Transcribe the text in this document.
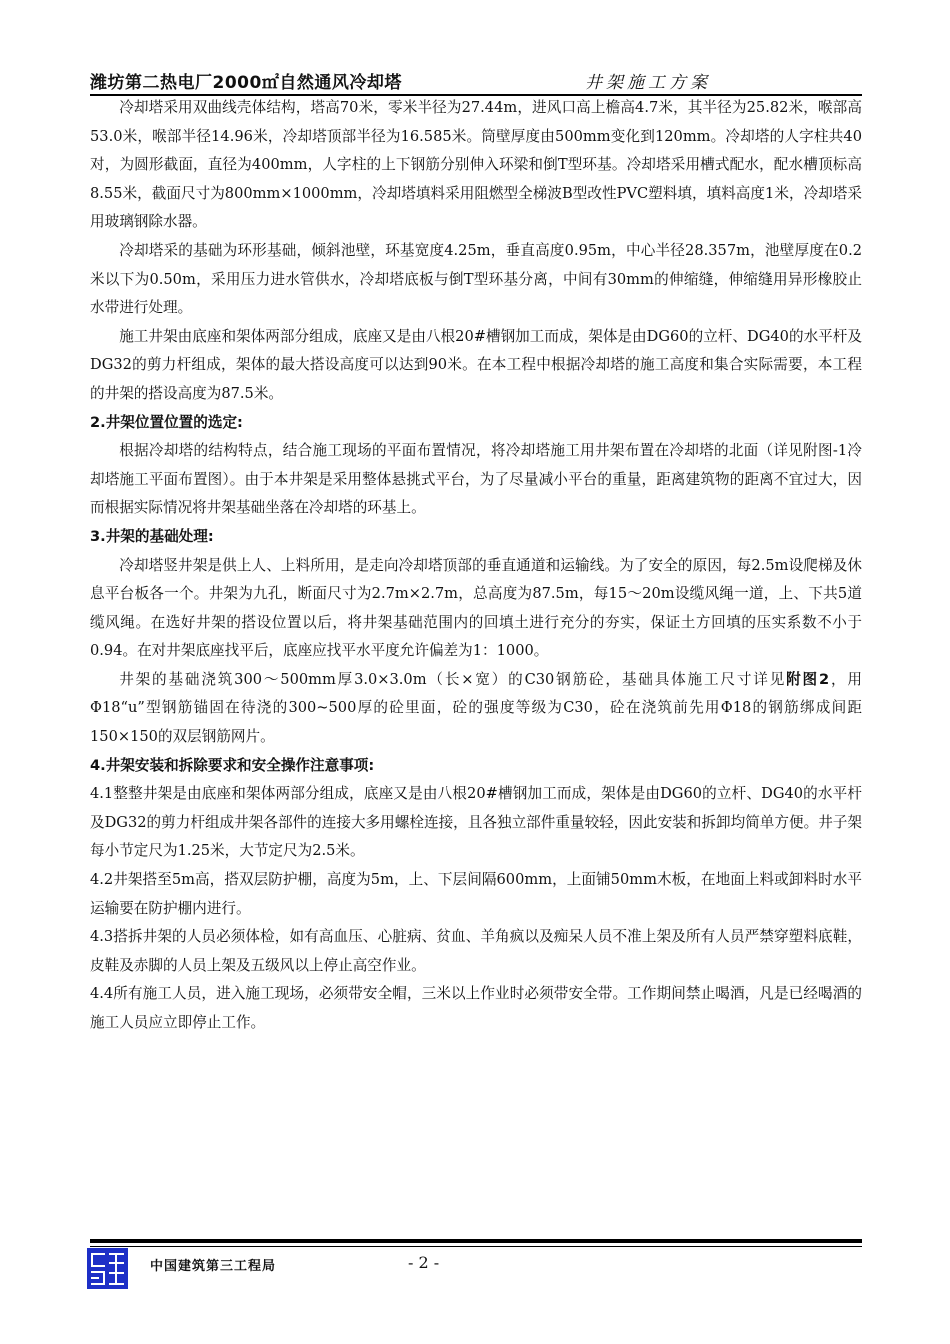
潍坊第二热电厂2000㎡自然通风冷却塔	井架施工方案

冷却塔采用双曲线壳体结构，塔高70米，零米半径为27.44m，进风口高上檐高4.7米，其半径为25.82米，喉部高53.0米，喉部半径14.96米，冷却塔顶部半径为16.585米。筒壁厚度由500mm变化到120mm。冷却塔的人字柱共40对，为圆形截面，直径为400mm，人字柱的上下钢筋分别伸入环梁和倒T型环基。冷却塔采用槽式配水，配水槽顶标高8.55米，截面尺寸为800mm×1000mm，冷却塔填料采用阻燃型全梯波B型改性PVC塑料填，填料高度1米，冷却塔采用玻璃钢除水器。

冷却塔采的基础为环形基础，倾斜池壁，环基宽度4.25m，垂直高度0.95m，中心半径28.357m，池壁厚度在0.2米以下为0.50m，采用压力进水管供水，冷却塔底板与倒T型环基分离，中间有30mm的伸缩缝，伸缩缝用异形橡胶止水带进行处理。

施工井架由底座和架体两部分组成，底座又是由八根20#槽钢加工而成，架体是由DG60的立杆、DG40的水平杆及DG32的剪力杆组成，架体的最大搭设高度可以达到90米。在本工程中根据冷却塔的施工高度和集合实际需要，本工程的井架的搭设高度为87.5米。

2.井架位置位置的选定:

根据冷却塔的结构特点，结合施工现场的平面布置情况，将冷却塔施工用井架布置在冷却塔的北面（详见附图-1冷却塔施工平面布置图）。由于本井架是采用整体悬挑式平台，为了尽量减小平台的重量，距离建筑物的距离不宜过大，因而根据实际情况将井架基础坐落在冷却塔的环基上。

3.井架的基础处理:

冷却塔竖井架是供上人、上料所用，是走向冷却塔顶部的垂直通道和运输线。为了安全的原因，每2.5m设爬梯及休息平台板各一个。井架为九孔，断面尺寸为2.7m×2.7m，总高度为87.5m，每15～20m设缆风绳一道，上、下共5道缆风绳。在选好井架的搭设位置以后，将井架基础范围内的回填土进行充分的夯实，保证土方回填的压实系数不小于0.94。在对井架底座找平后，底座应找平水平度允许偏差为1：1000。

井架的基础浇筑300～500mm厚3.0×3.0m（长×宽）的C30钢筋砼，基础具体施工尺寸详见附图2，用Φ18“u”型钢筋锚固在待浇的300~500厚的砼里面，砼的强度等级为C30，砼在浇筑前先用Φ18的钢筋绑成间距150×150的双层钢筋网片。

4.井架安装和拆除要求和安全操作注意事项:

4.1整整井架是由底座和架体两部分组成，底座又是由八根20#槽钢加工而成，架体是由DG60的立杆、DG40的水平杆及DG32的剪力杆组成井架各部件的连接大多用螺栓连接，且各独立部件重量较轻，因此安装和拆卸均简单方便。井子架每小节定尺为1.25米，大节定尺为2.5米。

4.2井架搭至5m高，搭双层防护棚，高度为5m，上、下层间隔600mm，上面铺50mm木板，在地面上料或卸料时水平运输要在防护棚内进行。

4.3搭拆井架的人员必须体检，如有高血压、心脏病、贫血、羊角疯以及痴呆人员不准上架及所有人员严禁穿塑料底鞋，皮鞋及赤脚的人员上架及五级风以上停止高空作业。

4.4所有施工人员，进入施工现场，必须带安全帽，三米以上作业时必须带安全带。工作期间禁止喝酒，凡是已经喝酒的施工人员应立即停止工作。

中国建筑第三工程局	- 2 -
